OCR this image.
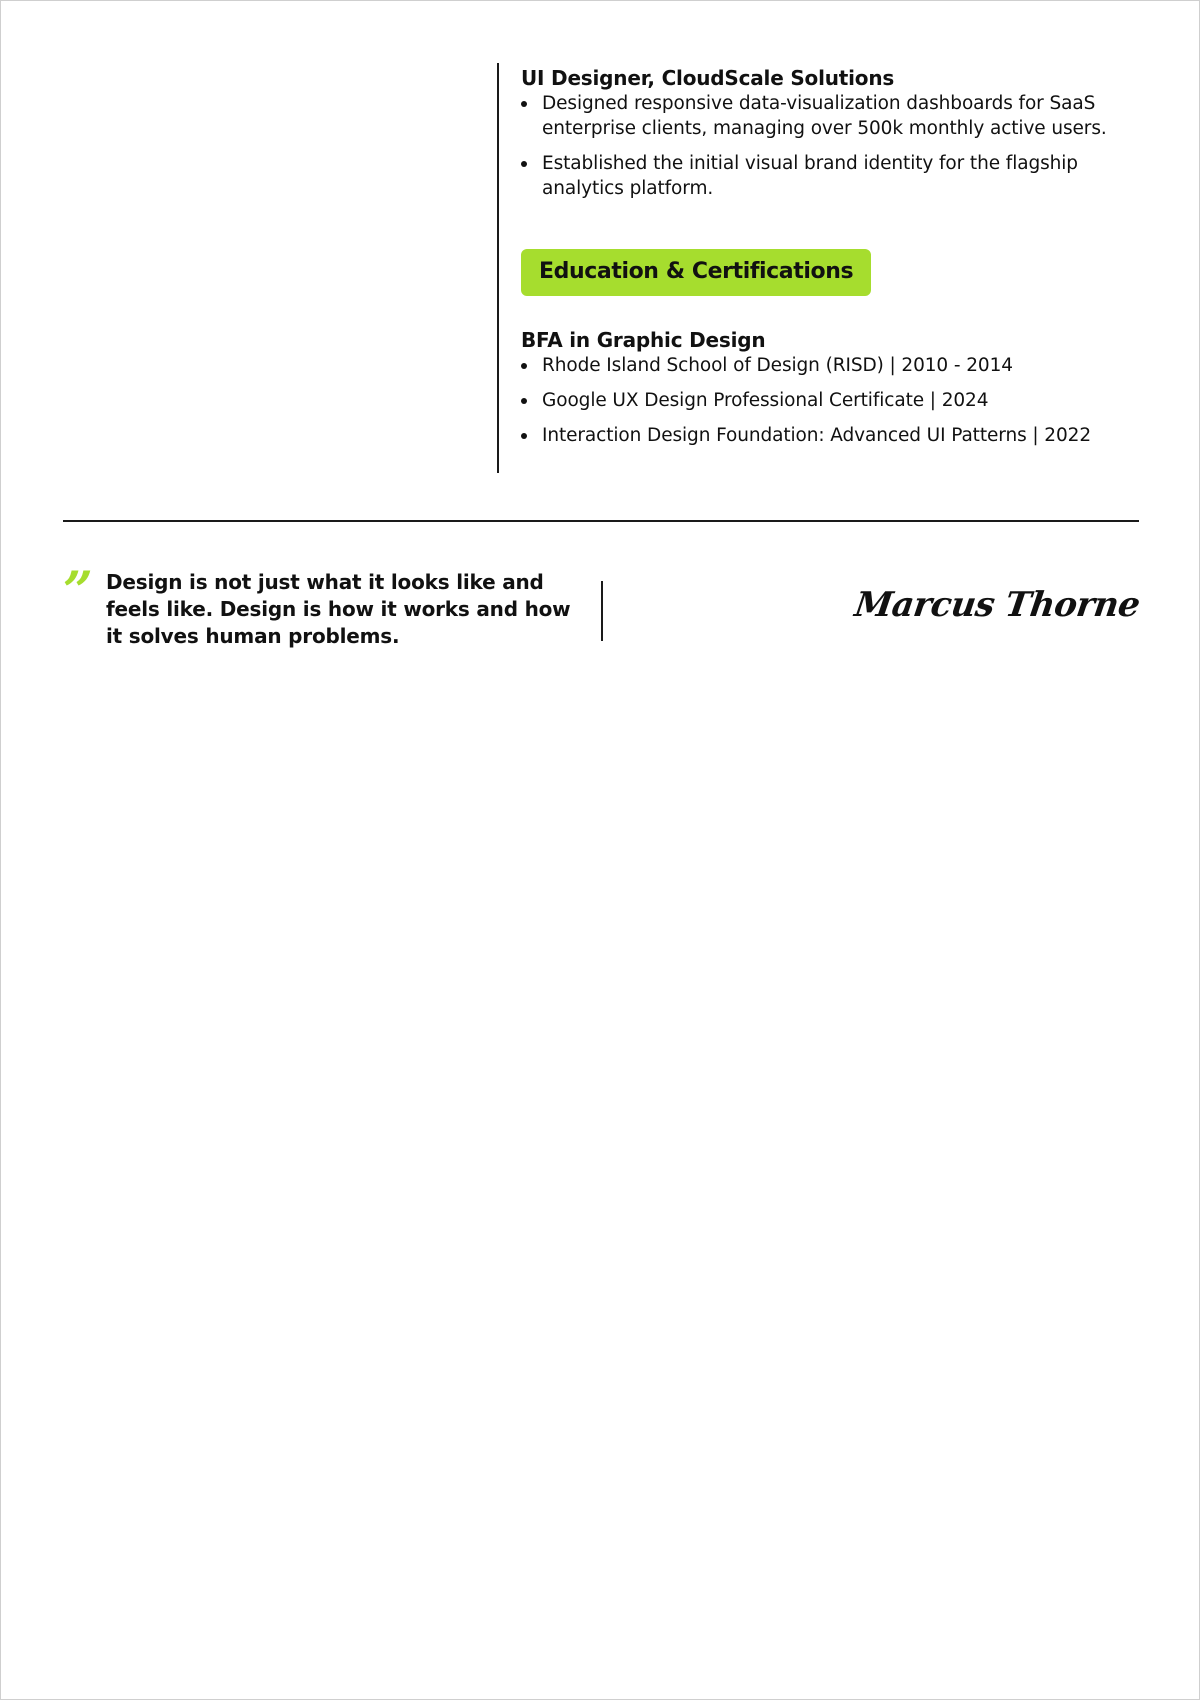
UI Designer, CloudScale Solutions
Designed responsive data-visualization dashboards for SaaS enterprise clients, managing over 500k monthly active users.
Established the initial visual brand identity for the flagship analytics platform.
Education & Certifications
BFA in Graphic Design
Rhode Island School of Design (RISD) | 2010 - 2014
Google UX Design Professional Certificate | 2024
Interaction Design Foundation: Advanced UI Patterns | 2022
” Design is not just what it looks like and feels like. Design is how it works and how it solves human problems.
Marcus Thorne
